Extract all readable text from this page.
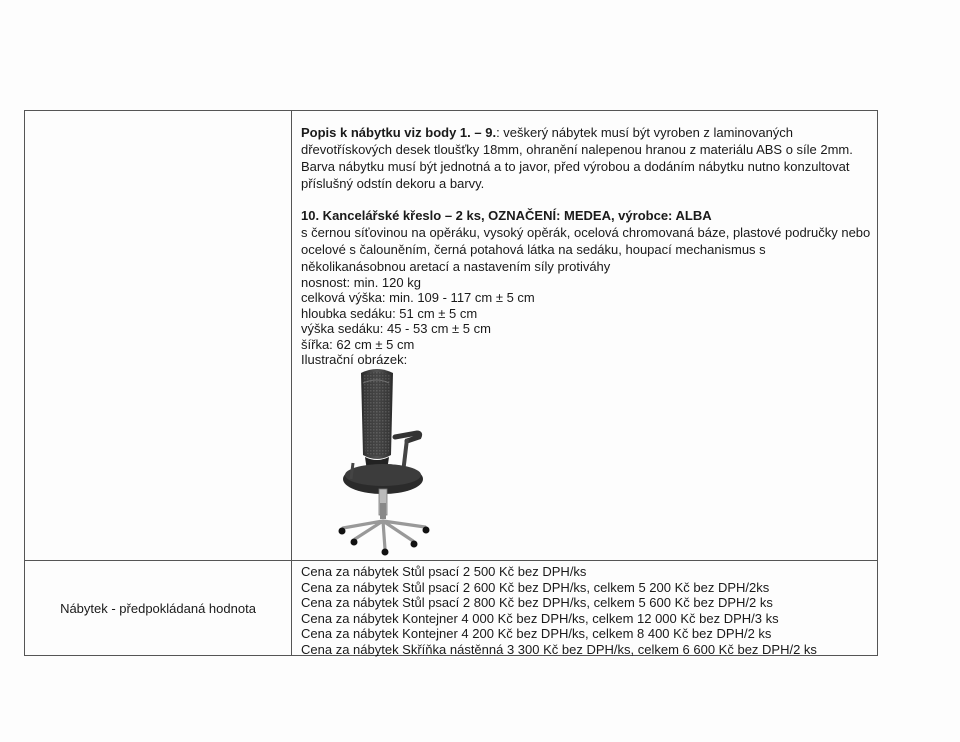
Popis k nábytku viz body 1. – 9.: veškerý nábytek musí být vyroben z laminovaných dřevotřískových desek tloušťky 18mm, ohranění nalepenou hranou z materiálu ABS o síle 2mm.

Barva nábytku musí být jednotná a to javor, před výrobou a dodáním nábytku nutno konzultovat příslušný odstín dekoru a barvy.

10. Kancelářské křeslo – 2 ks, OZNAČENÍ: MEDEA, výrobce: ALBA

s černou síťovinou na opěráku, vysoký opěrák, ocelová chromovaná báze, plastové područky nebo ocelové s čalouněním, černá potahová látka na sedáku, houpací mechanismus s několikanásobnou aretací a nastavením síly protiváhy

nosnost: min. 120 kg
celková výška: min. 109 - 117 cm ± 5 cm
hloubka sedáku: 51 cm ± 5 cm
výška sedáku: 45 - 53 cm ± 5 cm
šířka: 62 cm ± 5 cm
Ilustrační obrázek:
Nábytek - předpokládaná hodnota
Cena za nábytek Stůl psací 2 500 Kč bez DPH/ks
Cena za nábytek Stůl psací 2 600 Kč bez DPH/ks, celkem 5 200 Kč bez DPH/2ks
Cena za nábytek Stůl psací 2 800 Kč bez DPH/ks, celkem 5 600 Kč bez DPH/2 ks
Cena za nábytek Kontejner 4 000 Kč bez DPH/ks, celkem 12 000 Kč bez DPH/3 ks
Cena za nábytek Kontejner 4 200 Kč bez DPH/ks, celkem 8 400 Kč bez DPH/2 ks
Cena za nábytek Skříňka nástěnná 3 300 Kč bez DPH/ks, celkem 6 600 Kč bez DPH/2 ks
